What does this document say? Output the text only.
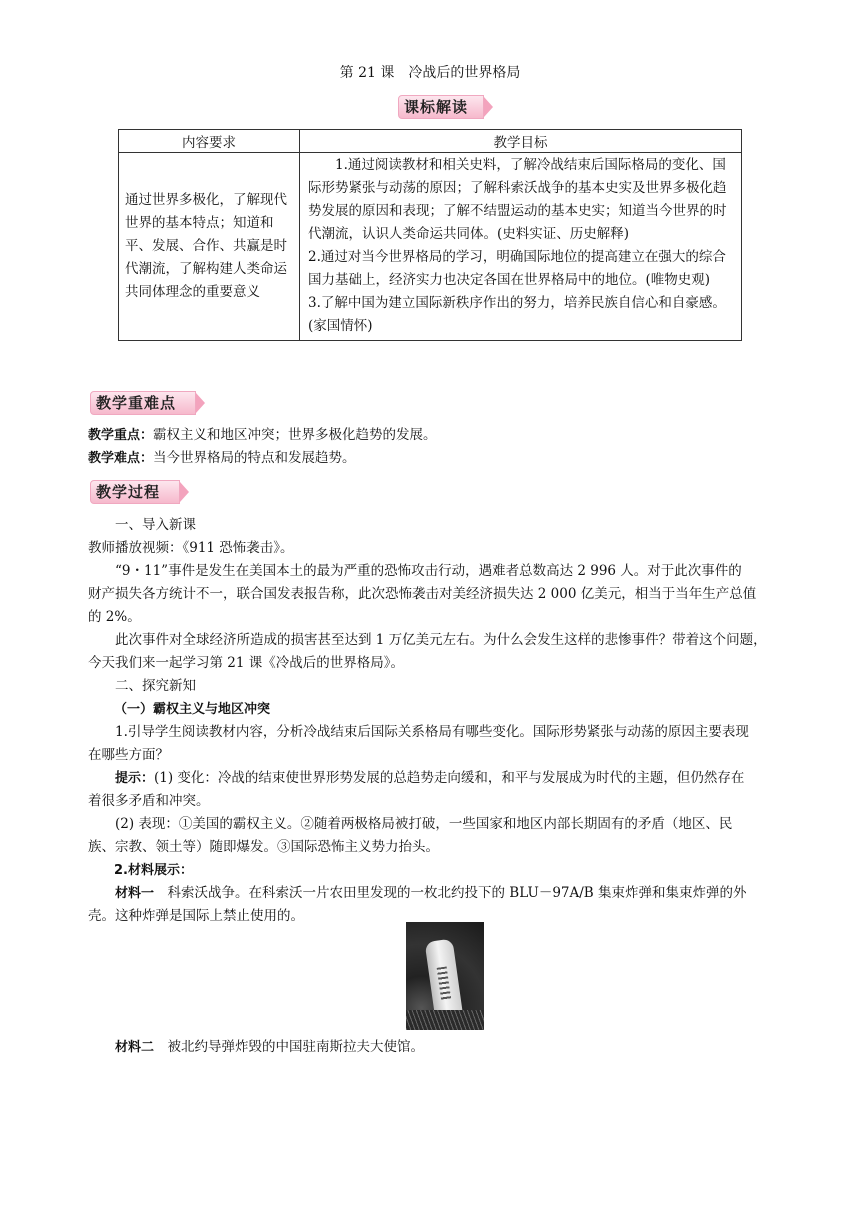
第 21 课　冷战后的世界格局
课标解读
内容要求	教学目标
通过世界多极化，了解现代世界的基本特点；知道和平、发展、合作、共赢是时代潮流，了解构建人类命运共同体理念的重要意义	1.通过阅读教材和相关史料，了解冷战结束后国际格局的变化、国际形势紧张与动荡的原因；了解科索沃战争的基本史实及世界多极化趋势发展的原因和表现；了解不结盟运动的基本史实；知道当今世界的时代潮流，认识人类命运共同体。(史料实证、历史解释)
2.通过对当今世界格局的学习，明确国际地位的提高建立在强大的综合国力基础上，经济实力也决定各国在世界格局中的地位。(唯物史观)
3.了解中国为建立国际新秩序作出的努力，培养民族自信心和自豪感。(家国情怀)
教学重难点
教学重点：霸权主义和地区冲突；世界多极化趋势的发展。
教学难点：当今世界格局的特点和发展趋势。
教学过程
一、导入新课
教师播放视频：《911 恐怖袭击》。
“9・11”事件是发生在美国本土的最为严重的恐怖攻击行动，遇难者总数高达 2 996 人。对于此次事件的
财产损失各方统计不一，联合国发表报告称，此次恐怖袭击对美经济损失达 2 000 亿美元，相当于当年生产总值
的 2%。
此次事件对全球经济所造成的损害甚至达到 1 万亿美元左右。为什么会发生这样的悲惨事件？带着这个问题，
今天我们来一起学习第 21 课《冷战后的世界格局》。
二、探究新知
（一）霸权主义与地区冲突
1.引导学生阅读教材内容，分析冷战结束后国际关系格局有哪些变化。国际形势紧张与动荡的原因主要表现
在哪些方面？
提示：(1) 变化：冷战的结束使世界形势发展的总趋势走向缓和，和平与发展成为时代的主题，但仍然存在
着很多矛盾和冲突。
(2) 表现：①美国的霸权主义。②随着两极格局被打破，一些国家和地区内部长期固有的矛盾（地区、民
族、宗教、领土等）随即爆发。③国际恐怖主义势力抬头。
2.材料展示：
材料一　科索沃战争。在科索沃一片农田里发现的一枚北约投下的 BLU－97A/B 集束炸弹和集束炸弹的外
壳。这种炸弹是国际上禁止使用的。
材料二　被北约导弹炸毁的中国驻南斯拉夫大使馆。
